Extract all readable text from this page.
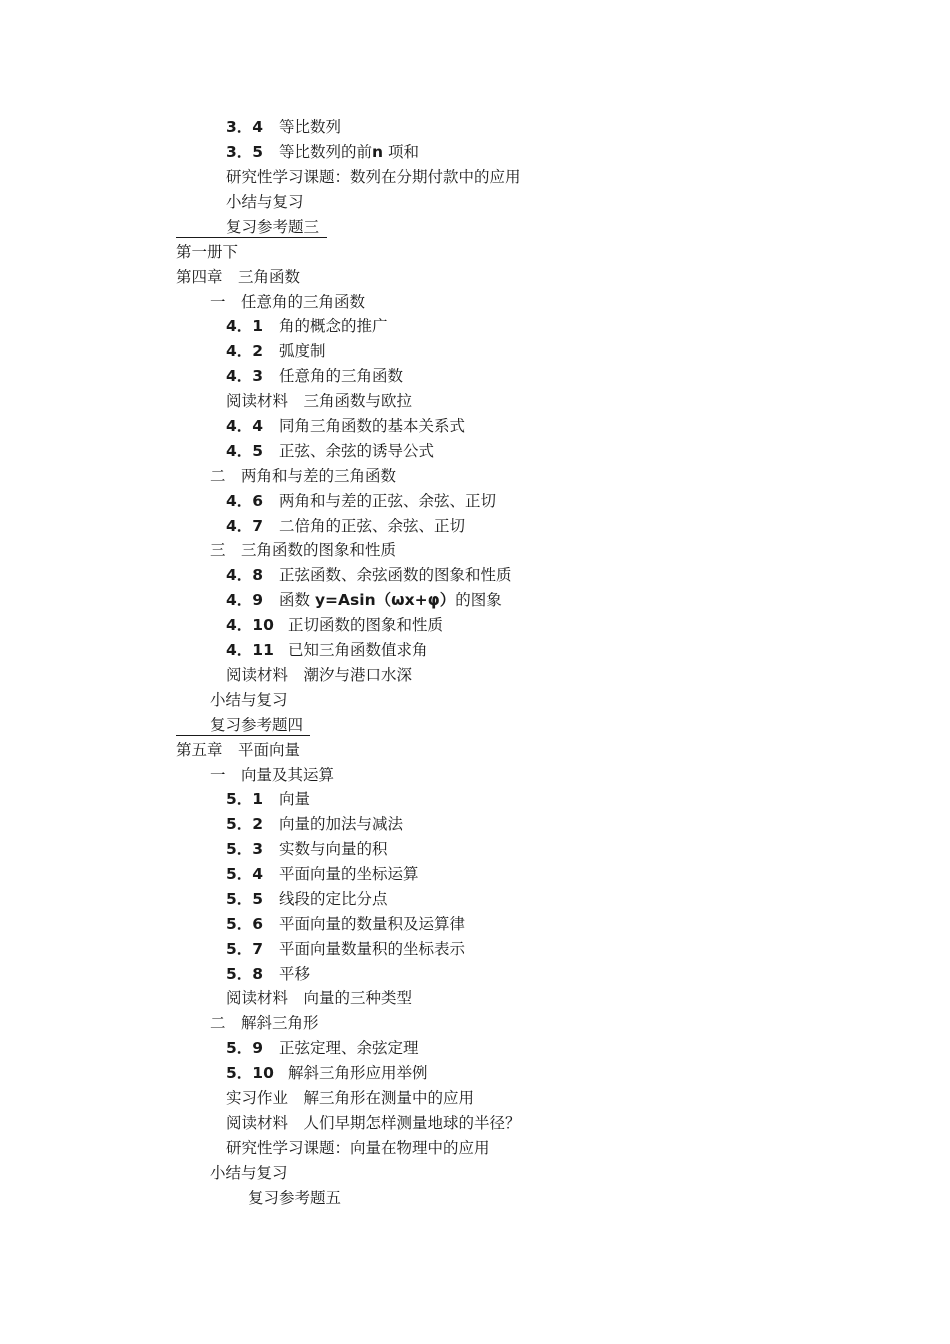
3．4 等比数列
3．5 等比数列的前n 项和
研究性学习课题：数列在分期付款中的应用
小结与复习
复习参考题三
第一册下
第四章　三角函数
一　任意角的三角函数
4．1 角的概念的推广
4．2 弧度制
4．3 任意角的三角函数
阅读材料　三角函数与欧拉
4．4 同角三角函数的基本关系式
4．5 正弦、余弦的诱导公式
二　两角和与差的三角函数
4．6 两角和与差的正弦、余弦、正切
4．7 二倍角的正弦、余弦、正切
三　三角函数的图象和性质
4．8 正弦函数、余弦函数的图象和性质
4．9 函数 y=Asin（ωx+φ）的图象
4．10 正切函数的图象和性质
4．11 已知三角函数值求角
阅读材料　潮汐与港口水深
小结与复习
复习参考题四
第五章　平面向量
一　向量及其运算
5．1 向量
5．2 向量的加法与减法
5．3 实数与向量的积
5．4 平面向量的坐标运算
5．5 线段的定比分点
5．6 平面向量的数量积及运算律
5．7 平面向量数量积的坐标表示
5．8 平移
阅读材料　向量的三种类型
二　解斜三角形
5．9 正弦定理、余弦定理
5．10 解斜三角形应用举例
实习作业　解三角形在测量中的应用
阅读材料　人们早期怎样测量地球的半径？
研究性学习课题：向量在物理中的应用
小结与复习
复习参考题五
